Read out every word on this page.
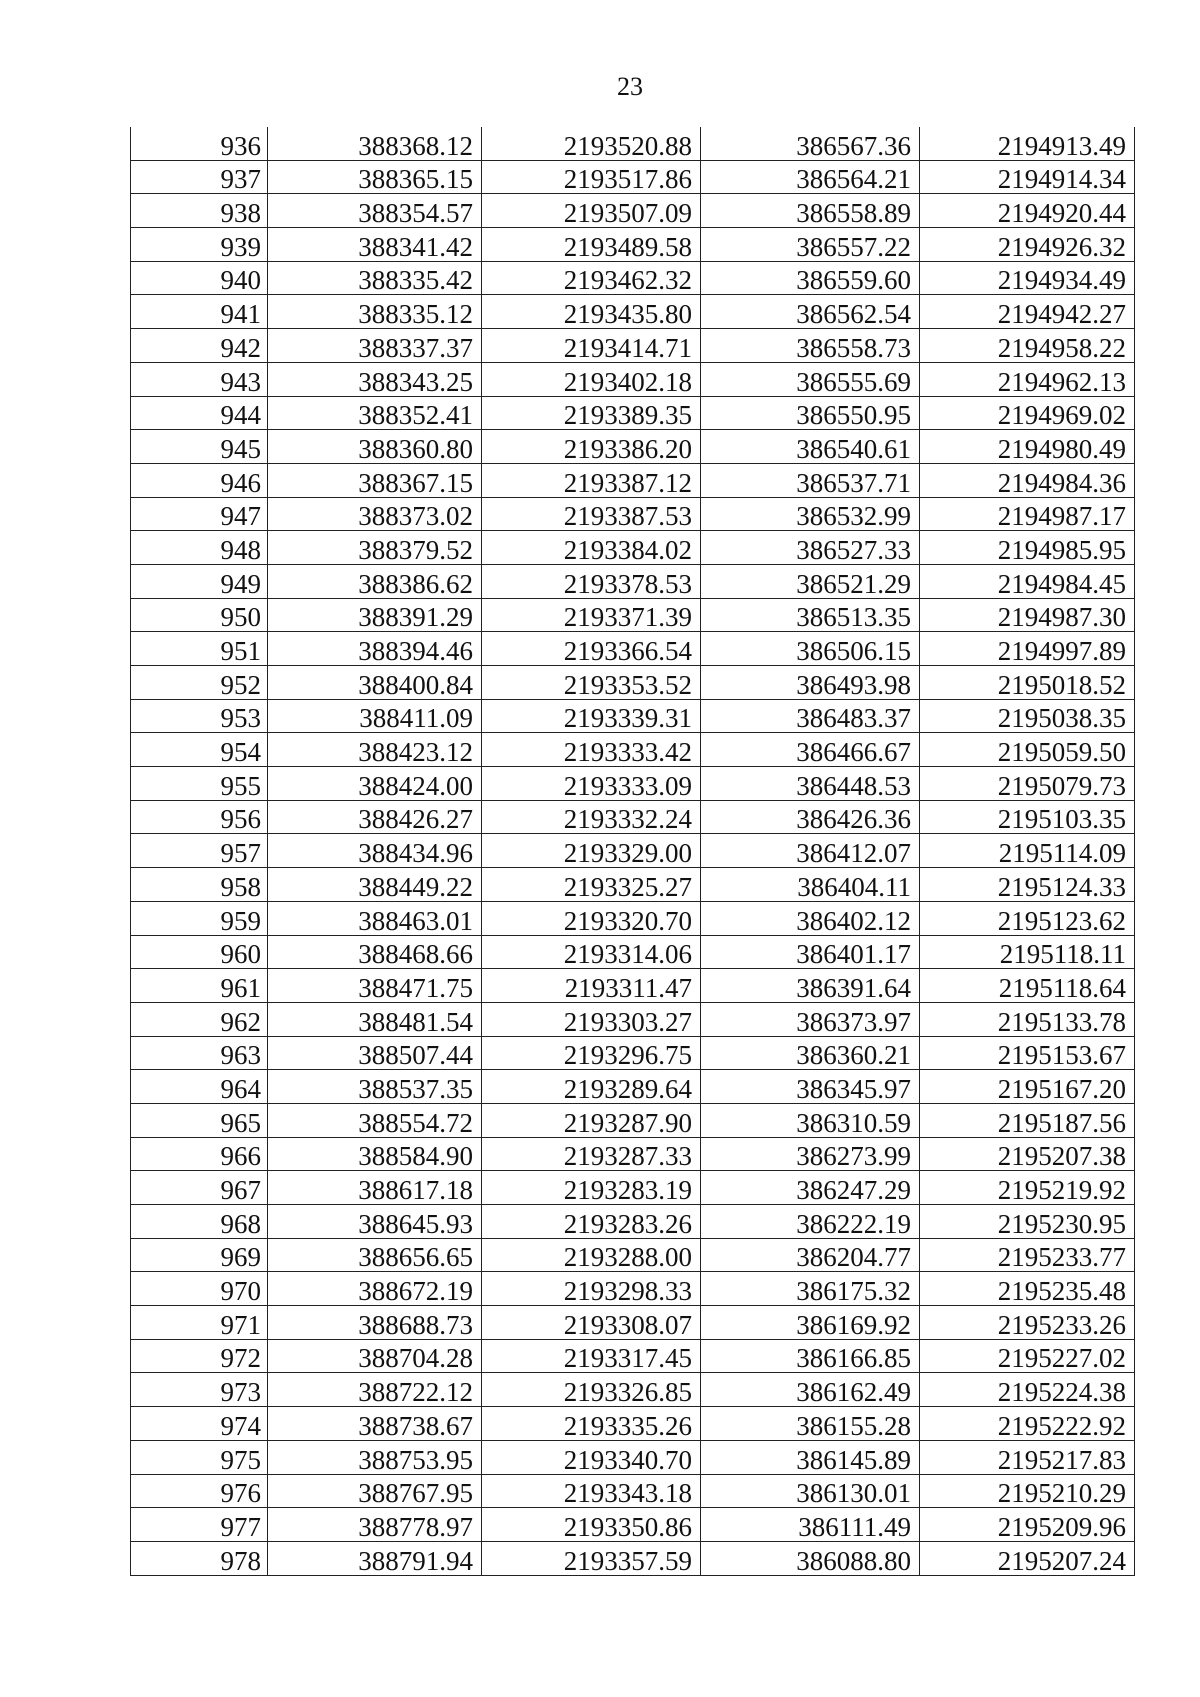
23
936	388368.12	2193520.88	386567.36	2194913.49
937	388365.15	2193517.86	386564.21	2194914.34
938	388354.57	2193507.09	386558.89	2194920.44
939	388341.42	2193489.58	386557.22	2194926.32
940	388335.42	2193462.32	386559.60	2194934.49
941	388335.12	2193435.80	386562.54	2194942.27
942	388337.37	2193414.71	386558.73	2194958.22
943	388343.25	2193402.18	386555.69	2194962.13
944	388352.41	2193389.35	386550.95	2194969.02
945	388360.80	2193386.20	386540.61	2194980.49
946	388367.15	2193387.12	386537.71	2194984.36
947	388373.02	2193387.53	386532.99	2194987.17
948	388379.52	2193384.02	386527.33	2194985.95
949	388386.62	2193378.53	386521.29	2194984.45
950	388391.29	2193371.39	386513.35	2194987.30
951	388394.46	2193366.54	386506.15	2194997.89
952	388400.84	2193353.52	386493.98	2195018.52
953	388411.09	2193339.31	386483.37	2195038.35
954	388423.12	2193333.42	386466.67	2195059.50
955	388424.00	2193333.09	386448.53	2195079.73
956	388426.27	2193332.24	386426.36	2195103.35
957	388434.96	2193329.00	386412.07	2195114.09
958	388449.22	2193325.27	386404.11	2195124.33
959	388463.01	2193320.70	386402.12	2195123.62
960	388468.66	2193314.06	386401.17	2195118.11
961	388471.75	2193311.47	386391.64	2195118.64
962	388481.54	2193303.27	386373.97	2195133.78
963	388507.44	2193296.75	386360.21	2195153.67
964	388537.35	2193289.64	386345.97	2195167.20
965	388554.72	2193287.90	386310.59	2195187.56
966	388584.90	2193287.33	386273.99	2195207.38
967	388617.18	2193283.19	386247.29	2195219.92
968	388645.93	2193283.26	386222.19	2195230.95
969	388656.65	2193288.00	386204.77	2195233.77
970	388672.19	2193298.33	386175.32	2195235.48
971	388688.73	2193308.07	386169.92	2195233.26
972	388704.28	2193317.45	386166.85	2195227.02
973	388722.12	2193326.85	386162.49	2195224.38
974	388738.67	2193335.26	386155.28	2195222.92
975	388753.95	2193340.70	386145.89	2195217.83
976	388767.95	2193343.18	386130.01	2195210.29
977	388778.97	2193350.86	386111.49	2195209.96
978	388791.94	2193357.59	386088.80	2195207.24
